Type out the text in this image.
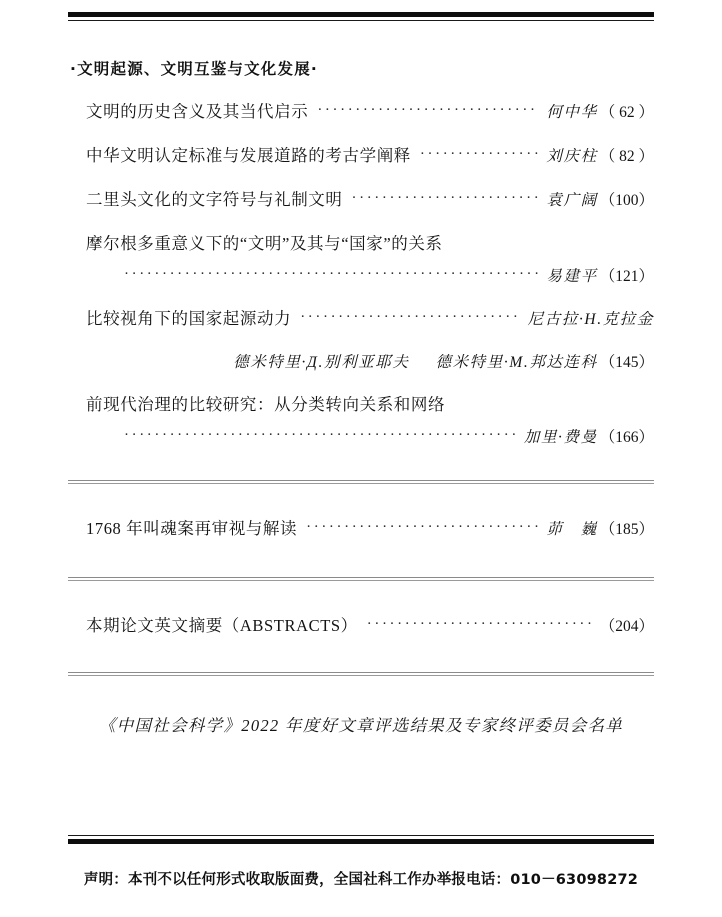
·文明起源、文明互鉴与文化发展·
文明的历史含义及其当代启示 ·····	何中华 （ 62 ）
中华文明认定标准与发展道路的考古学阐释 ·····	刘庆柱 （ 82 ）
二里头文化的文字符号与礼制文明 ·····	袁广阔 （100）
摩尔根多重意义下的“文明”及其与“国家”的关系
·····
易建平 （121）
比较视角下的国家起源动力 ·····	尼古拉·Н.克拉金
德米特里·Д.别利亚耶夫 德米特里·М.邦达连科 （145）
前现代治理的比较研究：从分类转向关系和网络
·····
加里·费曼 （166）
1768 年叫魂案再审视与解读 ·····	茆　巍 （185）
本期论文英文摘要（ABSTRACTS） ·····	（204）
《中国社会科学》2022 年度好文章评选结果及专家终评委员会名单
声明：本刊不以任何形式收取版面费，全国社科工作办举报电话：010－63098272
